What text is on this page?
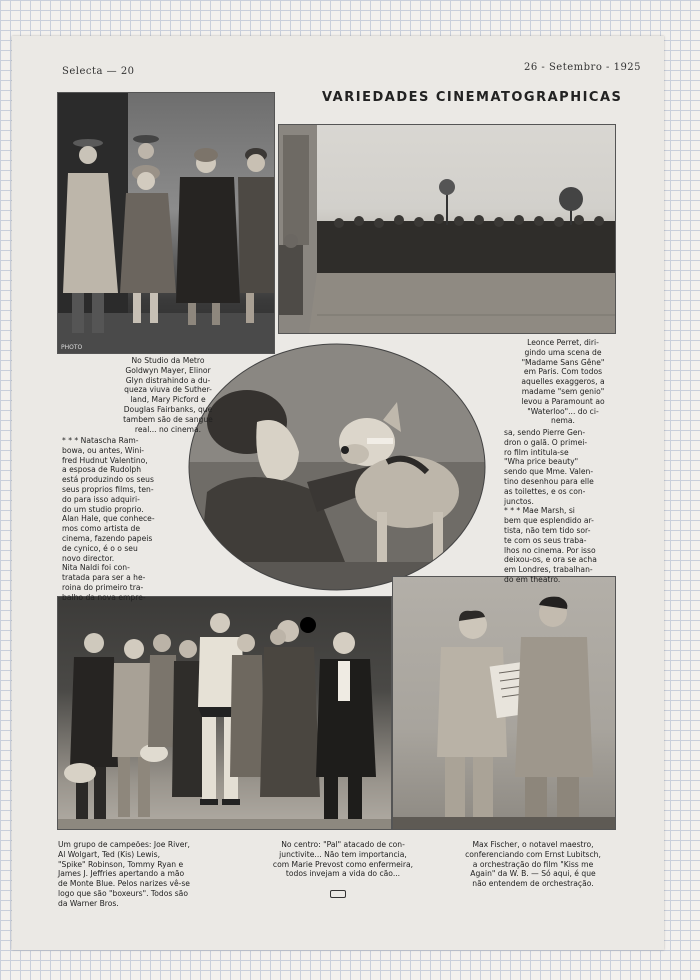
Selecta — 20	26 - Setembro - 1925
VARIEDADES CINEMATOGRAPHICAS
PHOTO

No Studio da Metro

Goldwyn Mayer, Elinor

Glyn distrahindo a du-

queza viuva de Suther-

land, Mary Picford e

Douglas Fairbanks, que

tambem são de sangue

real... no cinema.

* * * Natascha Ram-

bowa, ou antes, Wini-

fred Hudnut Valentino,

a esposa de Rudolph

está produzindo os seus

seus proprios films, ten-

do para isso adquiri-

do um studio proprio.

Alan Hale, que conhece-

mos como artista de

cinema, fazendo papeis

de cynico, é o o seu

novo director.

Nita Naldi foi con-

tratada para ser a he-

roina do primeiro tra-

balho da nova empre-

Leonce Perret, diri-

gindo uma scena de

"Madame Sans Gêne"

em Paris. Com todos

aquelles exaggeros, a

madame "sem genio"

levou a Paramount ao

"Waterloo"... do ci-

nema.

sa, sendo Pierre Gen-

dron o galã. O primei-

ro film intitula-se

"Wha price beauty"

sendo que Mme. Valen-

tino desenhou para elle

as toilettes, e os con-

junctos.

* * * Mae Marsh, si

bem que esplendido ar-

tista, não tem tido sor-

te com os seus traba-

lhos no cinema. Por isso

deixou-os, e ora se acha

em Londres, trabalhan-

do em theatro.

Um grupo de campeões: Joe River,

Al Wolgart, Ted (Kis) Lewis,

"Spike" Robinson, Tommy Ryan e

James J. Jeffries apertando a mão

de Monte Blue. Pelos narizes vê-se

logo que são "boxeurs". Todos são

da Warner Bros.

No centro: "Pal" atacado de con-

junctivite... Não tem importancia,

com Marie Prevost como enfermeira,

todos invejam a vida do cão...

Max Fischer, o notavel maestro,

conferenciando com Ernst Lubitsch,

a orchestração do film "Kiss me

Again" da W. B. — Só aqui, é que

não entendem de orchestração.
